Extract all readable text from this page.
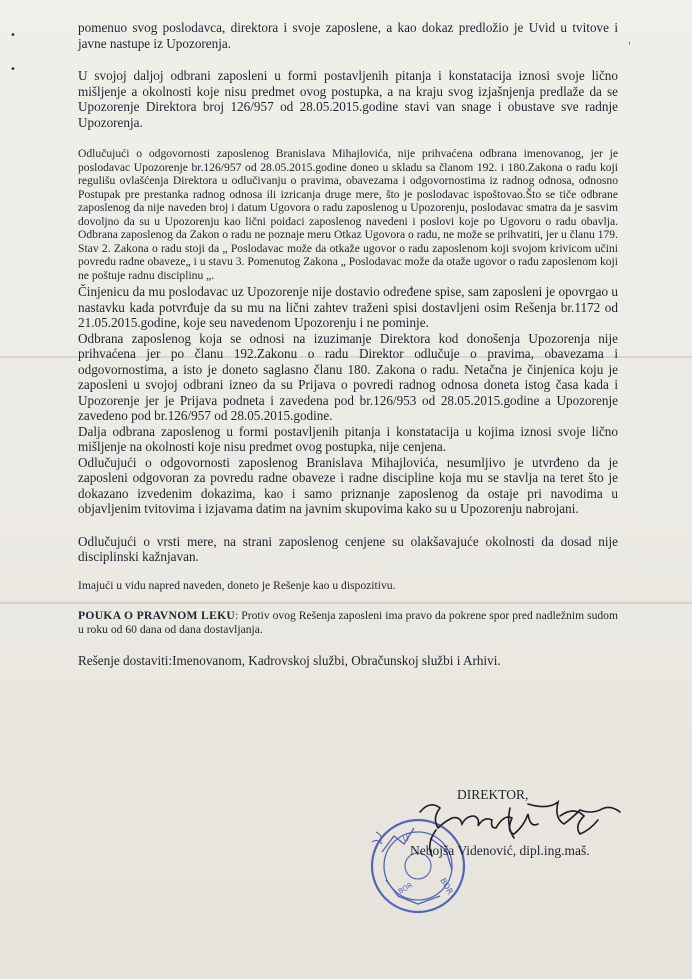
•
•
ˌ

pomenuo svog poslodavca, direktora i svoje zaposlene, a kao dokaz predložio je Uvid u tvitove i javne nastupe iz Upozorenja.

U svojoj daljoj odbrani zaposleni u formi postavljenih pitanja i konstatacija iznosi svoje lično mišljenje a okolnosti koje nisu predmet ovog postupka, a na kraju svog izjašnjenja predlaže da se Upozorenje Direktora broj 126/957 od 28.05.2015.godine stavi van snage i obustave sve radnje Upozorenja.

Odlučujući o odgovornosti zaposlenog Branislava Mihajlovića, nije prihvaćena odbrana imenovanog, jer je poslodavac Upozorenje br.126/957 od 28.05.2015.godine doneo u skladu sa članom 192. i 180.Zakona o radu koji regulišu ovlašćenja Direktora u odlučivanju o pravima, obavezama i odgovornostima iz radnog odnosa, odnosno Postupak pre prestanka radnog odnosa ili izricanja druge mere, što je poslodavac ispoštovao.Što se tiče odbrane zaposlenog da nije naveden broj i datum Ugovora o radu zaposlenog u Upozorenju, poslodavac smatra da je sasvim dovoljno da su u Upozorenju kao lični poidaci zaposlenog navedeni i poslovi koje po Ugovoru o radu obavlja. Odbrana zaposlenog da Zakon o radu ne poznaje meru Otkaz Ugovora o radu, ne može se prihvatiti, jer u članu 179. Stav 2. Zakona o radu stoji da „ Poslodavac može da otkaže ugovor o radu zaposlenom koji svojom krivicom učini povredu radne obaveze„ i u stavu 3. Pomenutog Zakona „ Poslodavac može da otaže ugovor o radu zaposlenom koji ne poštuje radnu disciplinu „.

Činjenicu da mu poslodavac uz Upozorenje nije dostavio određene spise, sam zaposleni je opovrgao u nastavku kada potvrđuje da su mu na lični zahtev traženi spisi dostavljeni osim Rešenja br.1172 od 21.05.2015.godine, koje seu navedenom Upozorenju i ne pominje.

Odbrana zaposlenog koja se odnosi na izuzimanje Direktora kod donošenja Upozorenja nije prihvaćena jer po članu 192.Zakonu o radu Direktor odlučuje o pravima, obavezama i odgovornostima, a isto je doneto saglasno članu 180. Zakona o radu. Netačna je činjenica koju je zaposleni u svojoj odbrani izneo da su Prijava o povredi radnog odnosa doneta istog časa kada i Upozorenje jer je Prijava podneta i zavedena pod br.126/953 od 28.05.2015.godine a Upozorenje zavedeno pod br.126/957 od 28.05.2015.godine.

Dalja odbrana zaposlenog u formi postavljenih pitanja i konstatacija u kojima iznosi svoje lično mišljenje na okolnosti koje nisu predmet ovog postupka, nije cenjena.

Odlučujući o odgovornosti zaposlenog Branislava Mihajlovića, nesumljivo je utvrđeno da je zaposleni odgovoran za povredu radne obaveze i radne discipline koja mu se stavlja na teret što je dokazano izvedenim dokazima, kao i samo priznanje zaposlenog da ostaje pri navodima u objavljenim tvitovima i izjavama datim na javnim skupovima kako su u Upozorenju nabrojani.

Odlučujući o vrsti mere, na strani zaposlenog cenjene su olakšavajuće okolnosti da dosad nije disciplinski kažnjavan.

Imajući u vidu napred naveden, doneto je Rešenje kao u dispozitivu.

POUKA O PRAVNOM LEKU: Protiv ovog Rešenja zaposleni ima pravo da pokrene spor pred nadležnim sudom u roku od 60 dana od dana dostavljanja.

Rešenje dostaviti:Imenovanom, Kadrovskoj službi, Obračunskoj službi i Arhivi.

DIREKTOR,
U
BOR
BOR
Nebojša Videnović, dipl.ing.maš.
